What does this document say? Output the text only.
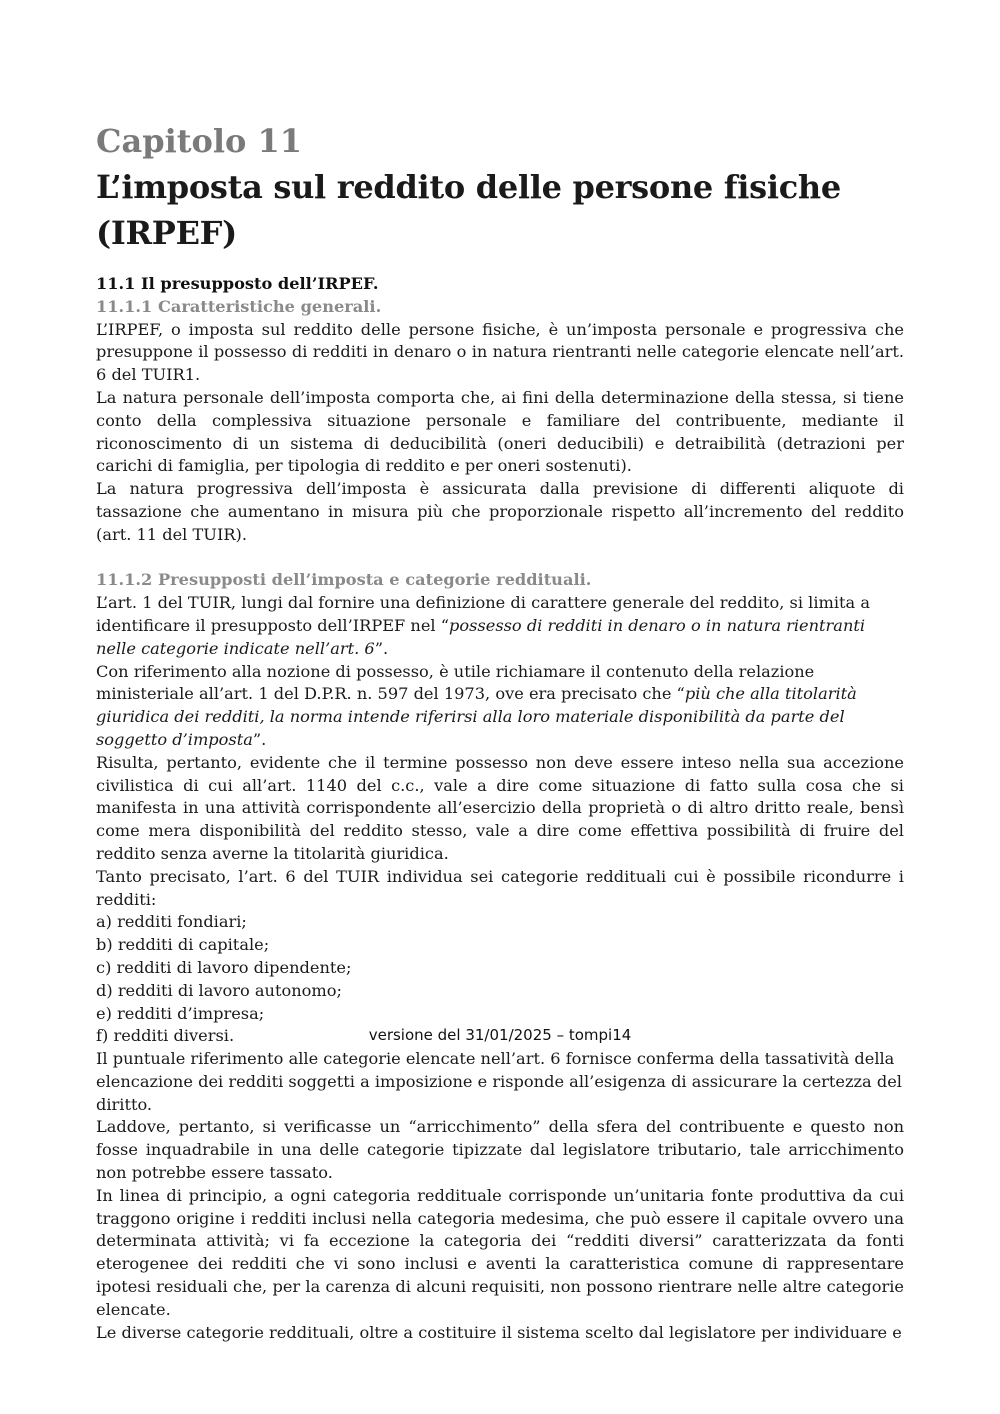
Capitolo 11
L’imposta sul reddito delle persone fisiche (IRPEF)

11.1 Il presupposto dell’IRPEF.

11.1.1 Caratteristiche generali.

L’IRPEF, o imposta sul reddito delle persone fisiche, è un’imposta personale e progressiva che presuppone il possesso di redditi in denaro o in natura rientranti nelle categorie elencate nell’art. 6 del TUIR1.

La natura personale dell’imposta comporta che, ai fini della determinazione della stessa, si tiene conto della complessiva situazione personale e familiare del contribuente, mediante il riconoscimento di un sistema di deducibilità (oneri deducibili) e detraibilità (detrazioni per carichi di famiglia, per tipologia di reddito e per oneri sostenuti).

La natura progressiva dell’imposta è assicurata dalla previsione di differenti aliquote di tassazione che aumentano in misura più che proporzionale rispetto all’incremento del reddito (art. 11 del TUIR).

11.1.2 Presupposti dell’imposta e categorie reddituali.

L’art. 1 del TUIR, lungi dal fornire una definizione di carattere generale del reddito, si limita a identificare il presupposto dell’IRPEF nel “possesso di redditi in denaro o in natura rientranti nelle categorie indicate nell’art. 6”.

Con riferimento alla nozione di possesso, è utile richiamare il contenuto della relazione ministeriale all’art. 1 del D.P.R. n. 597 del 1973, ove era precisato che “più che alla titolarità giuridica dei redditi, la norma intende riferirsi alla loro materiale disponibilità da parte del soggetto d’imposta”.

Risulta, pertanto, evidente che il termine possesso non deve essere inteso nella sua accezione civilistica di cui all’art. 1140 del c.c., vale a dire come situazione di fatto sulla cosa che si manifesta in una attività corrispondente all’esercizio della proprietà o di altro dritto reale, bensì come mera disponibilità del reddito stesso, vale a dire come effettiva possibilità di fruire del reddito senza averne la titolarità giuridica.

Tanto precisato, l’art. 6 del TUIR individua sei categorie reddituali cui è possibile ricondurre i redditi:

a) redditi fondiari;

b) redditi di capitale;

c) redditi di lavoro dipendente;

d) redditi di lavoro autonomo;

e) redditi d’impresa;

f) redditi diversi.

Il puntuale riferimento alle categorie elencate nell’art. 6 fornisce conferma della tassatività della elencazione dei redditi soggetti a imposizione e risponde all’esigenza di assicurare la certezza del diritto.

Laddove, pertanto, si verificasse un “arricchimento” della sfera del contribuente e questo non fosse inquadrabile in una delle categorie tipizzate dal legislatore tributario, tale arricchimento non potrebbe essere tassato.

In linea di principio, a ogni categoria reddituale corrisponde un’unitaria fonte produttiva da cui traggono origine i redditi inclusi nella categoria medesima, che può essere il capitale ovvero una determinata attività; vi fa eccezione la categoria dei “redditi diversi” caratterizzata da fonti eterogenee dei redditi che vi sono inclusi e aventi la caratteristica comune di rappresentare ipotesi residuali che, per la carenza di alcuni requisiti, non possono rientrare nelle altre categorie elencate.

Le diverse categorie reddituali, oltre a costituire il sistema scelto dal legislatore per individuare e

versione del 31/01/2025 – tompi14
